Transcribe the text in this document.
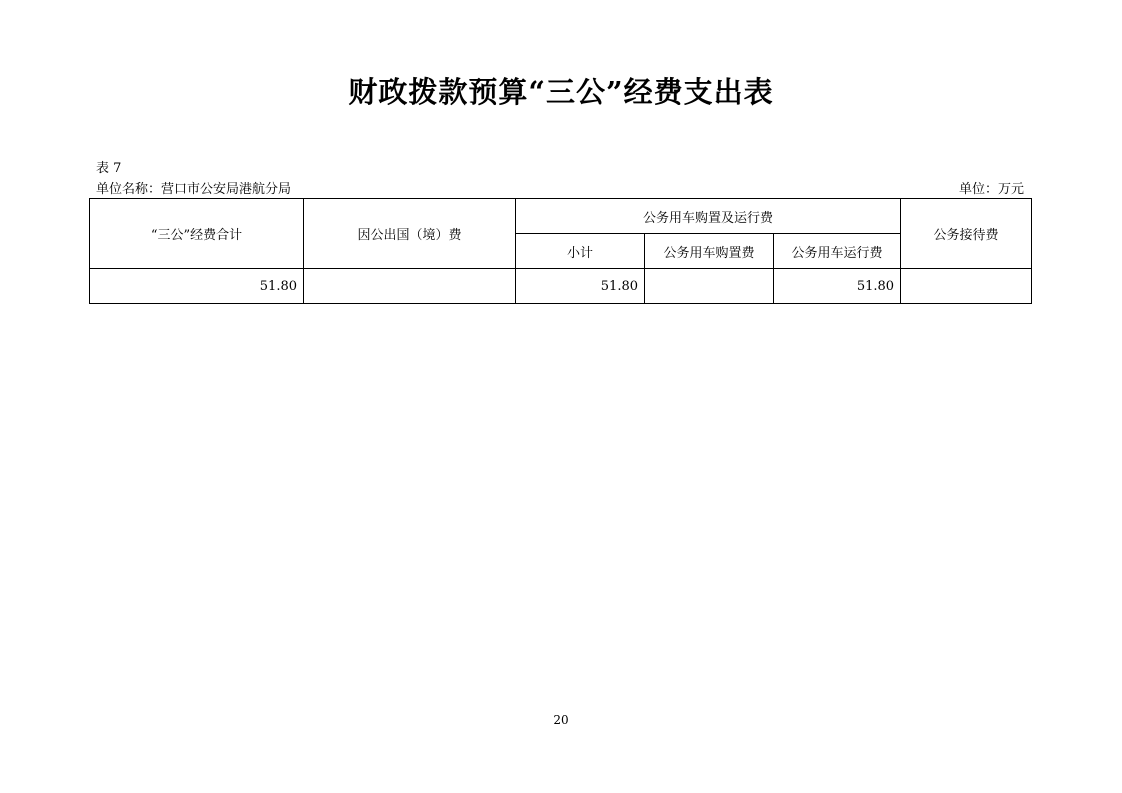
财政拨款预算“三公”经费支出表
表 7
单位名称：营口市公安局港航分局	单位：万元
“三公”经费合计	因公出国（境）费	公务用车购置及运行费			公务接待费
		小计	公务用车购置费	公务用车运行费	
51.80		51.80		51.80	
20
